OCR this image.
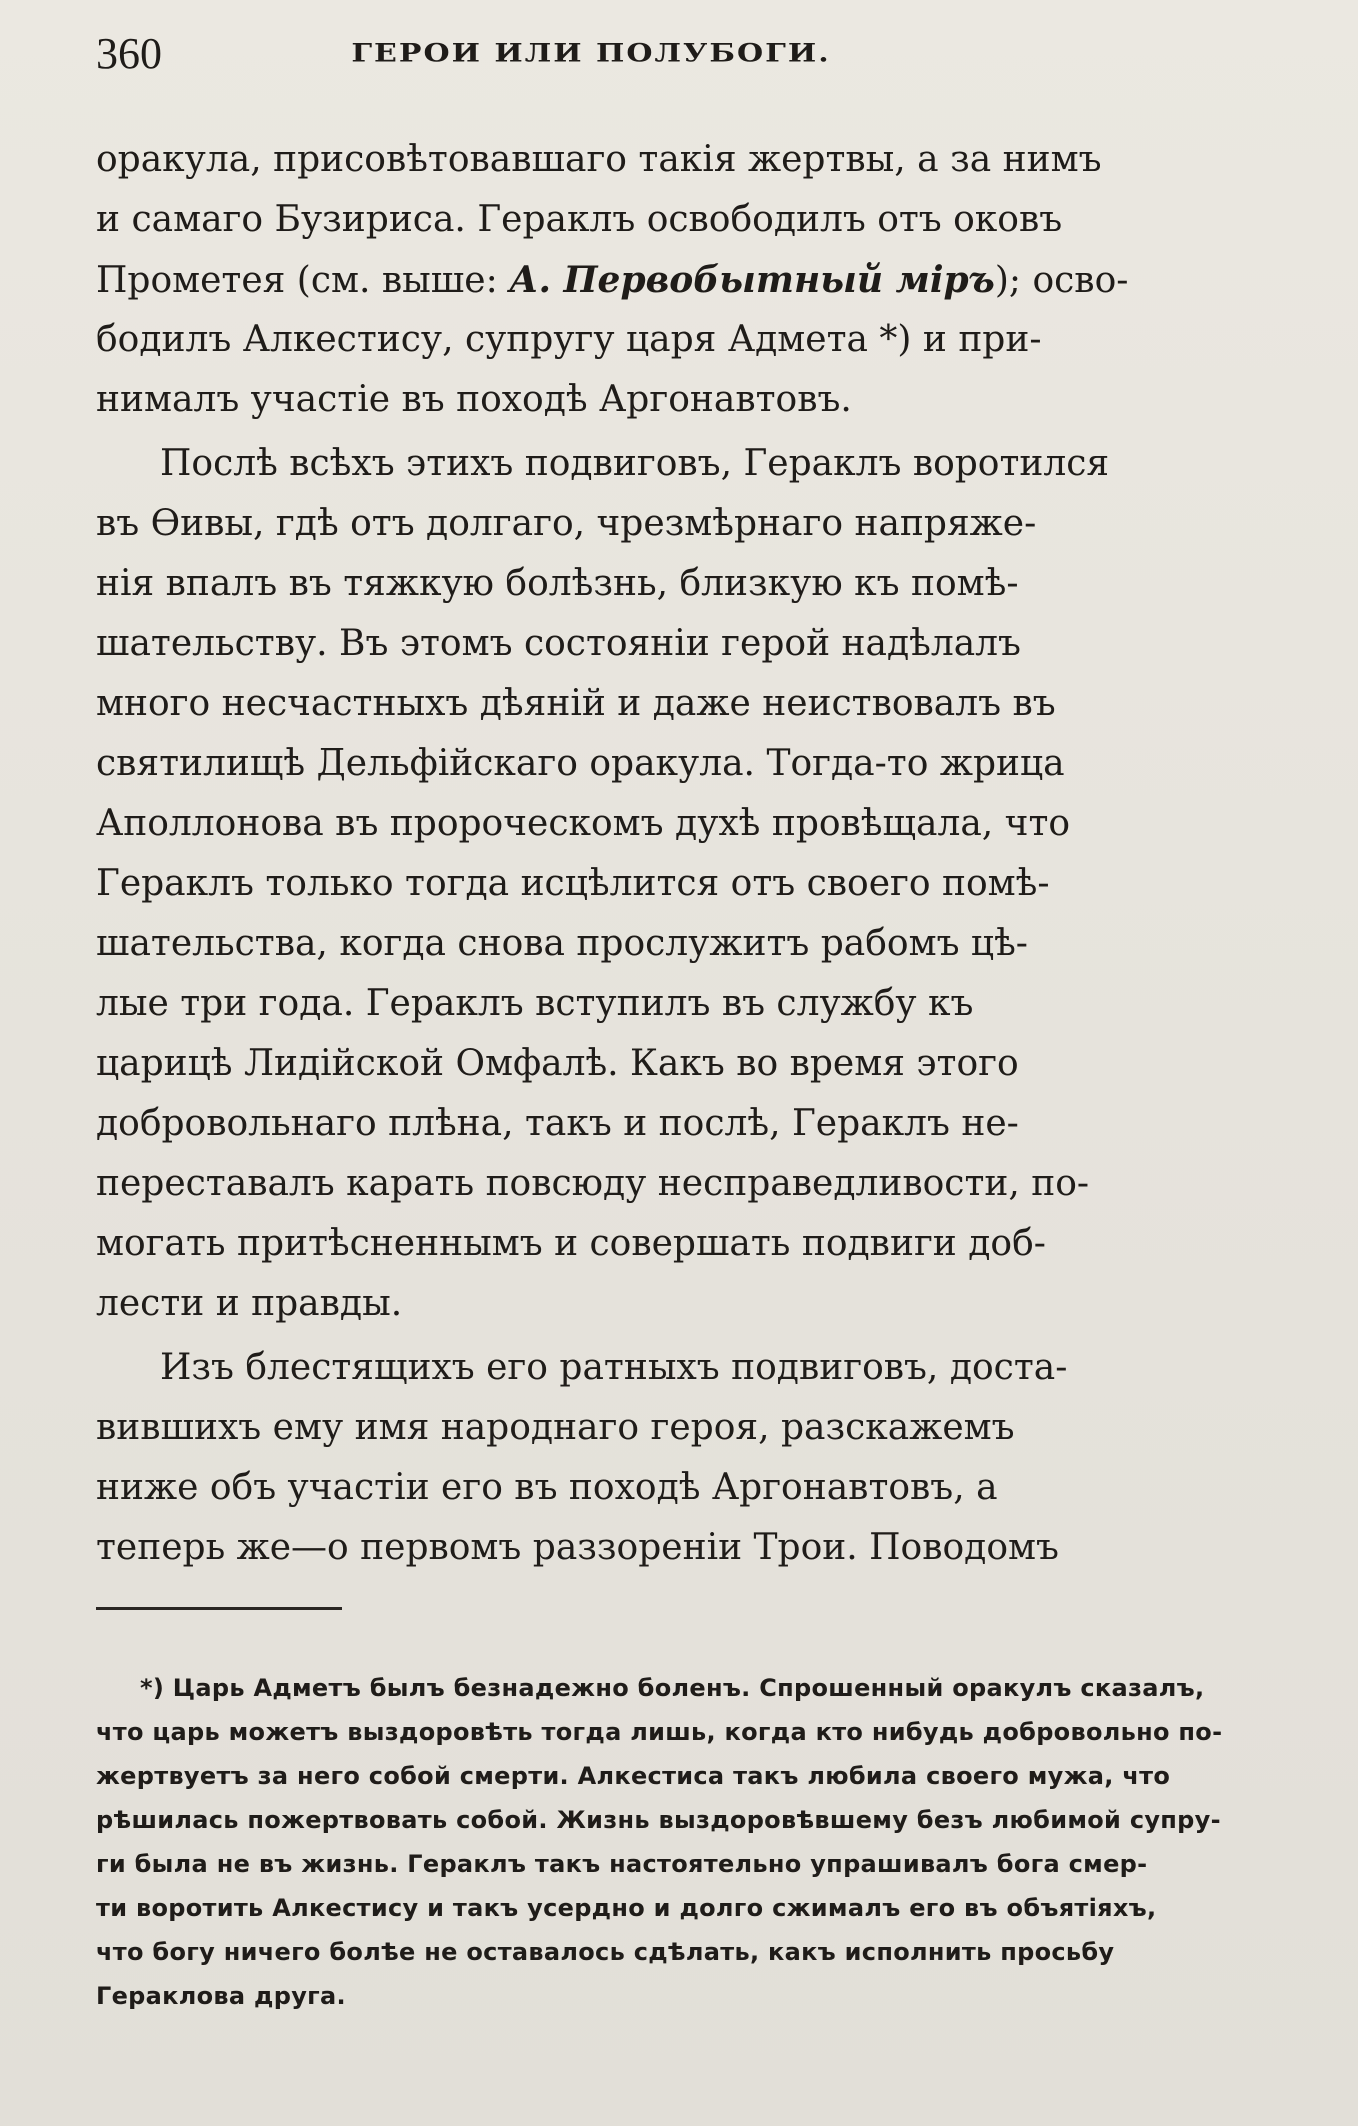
360	ГЕРОИ ИЛИ ПОЛУБОГИ.
оракула, присовѣтовавшаго такія жертвы, а за нимъ
и самаго Бузириса. Гераклъ освободилъ отъ оковъ
Прометея (см. выше: А. Первобытный міръ); осво-
бодилъ Алкестису, супругу царя Адмета *) и при-
нималъ участіе въ походѣ Аргонавтовъ.
Послѣ всѣхъ этихъ подвиговъ, Гераклъ воротился
въ Ѳивы, гдѣ отъ долгаго, чрезмѣрнаго напряже-
нія впалъ въ тяжкую болѣзнь, близкую къ помѣ-
шательству. Въ этомъ состояніи герой надѣлалъ
много несчастныхъ дѣяній и даже неиствовалъ въ
святилищѣ Дельфійскаго оракула. Тогда-то жрица
Аполлонова въ пророческомъ духѣ провѣщала, что
Гераклъ только тогда исцѣлится отъ своего помѣ-
шательства, когда снова прослужитъ рабомъ цѣ-
лые три года. Гераклъ вступилъ въ службу къ
царицѣ Лидійской Омфалѣ. Какъ во время этого
добровольнаго плѣна, такъ и послѣ, Гераклъ не-
переставалъ карать повсюду несправедливости, по-
могать притѣсненнымъ и совершать подвиги доб-
лести и правды.
Изъ блестящихъ его ратныхъ подвиговъ, доста-
вившихъ ему имя народнаго героя, разскажемъ
ниже объ участіи его въ походѣ Аргонавтовъ, а
теперь же—о первомъ раззореніи Трои. Поводомъ
*) Царь Адметъ былъ безнадежно боленъ. Спрошенный оракулъ сказалъ,
что царь можетъ выздоровѣть тогда лишь, когда кто нибудь добровольно по-
жертвуетъ за него собой смерти. Алкестиса такъ любила своего мужа, что
рѣшилась пожертвовать собой. Жизнь выздоровѣвшему безъ любимой супру-
ги была не въ жизнь. Гераклъ такъ настоятельно упрашивалъ бога смер-
ти воротить Алкестису и такъ усердно и долго сжималъ его въ объятіяхъ,
что богу ничего болѣе не оставалось сдѣлать, какъ исполнить просьбу
Гераклова друга.
